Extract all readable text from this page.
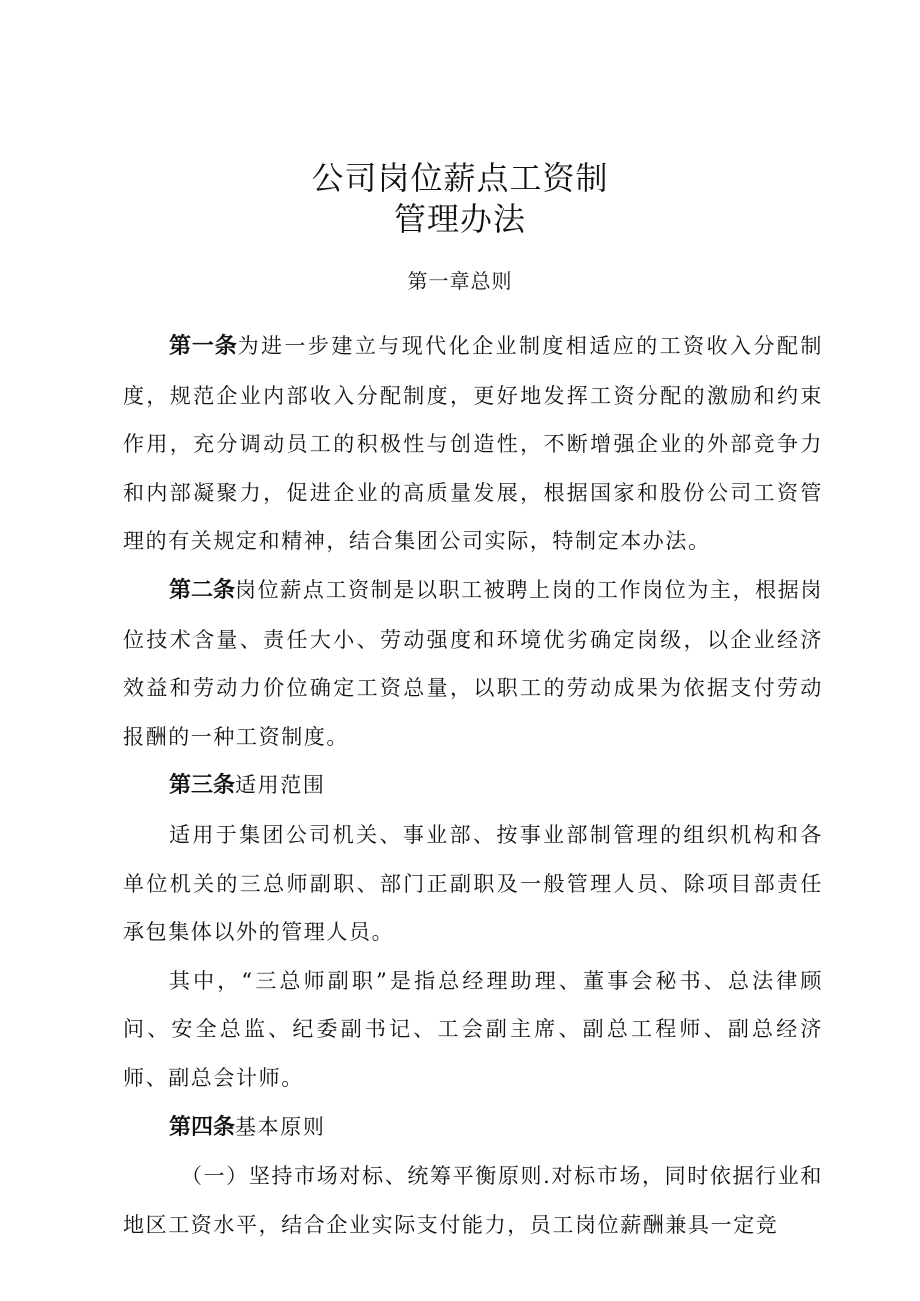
公司岗位薪点工资制
管理办法
第一章总则

第一条为进一步建立与现代化企业制度相适应的工资收入分配制度，规范企业内部收入分配制度，更好地发挥工资分配的激励和约束作用，充分调动员工的积极性与创造性，不断增强企业的外部竞争力和内部凝聚力，促进企业的高质量发展，根据国家和股份公司工资管理的有关规定和精神，结合集团公司实际，特制定本办法。

第二条岗位薪点工资制是以职工被聘上岗的工作岗位为主，根据岗位技术含量、责任大小、劳动强度和环境优劣确定岗级，以企业经济效益和劳动力价位确定工资总量，以职工的劳动成果为依据支付劳动报酬的一种工资制度。

第三条适用范围

适用于集团公司机关、事业部、按事业部制管理的组织机构和各单位机关的三总师副职、部门正副职及一般管理人员、除项目部责任承包集体以外的管理人员。

其中，“三总师副职”是指总经理助理、董事会秘书、总法律顾问、安全总监、纪委副书记、工会副主席、副总工程师、副总经济师、副总会计师。

第四条基本原则

（一）坚持市场对标、统筹平衡原则.对标市场，同时依据行业和地区工资水平，结合企业实际支付能力，员工岗位薪酬兼具一定竞
